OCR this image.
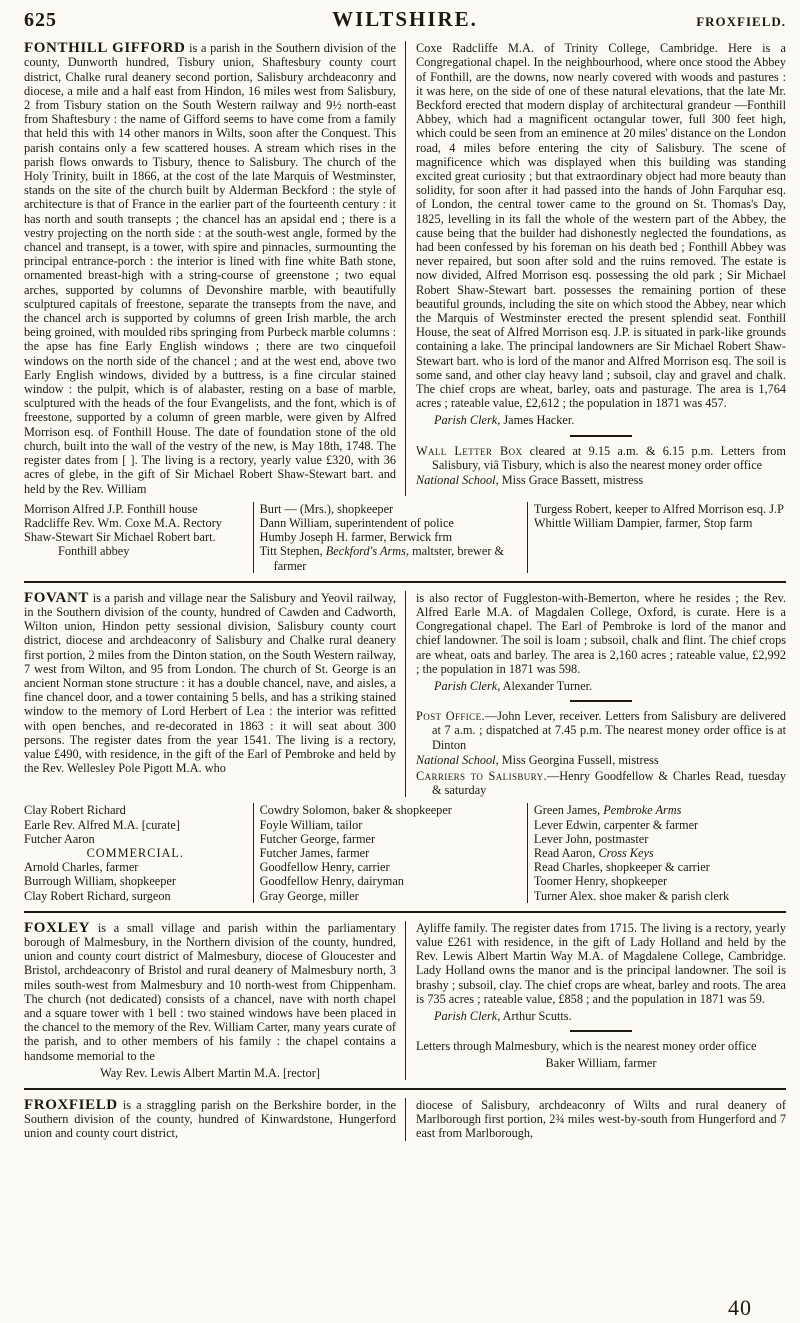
625	WILTSHIRE.	FROXFIELD.

FONTHILL GIFFORD is a parish in the Southern division of the county, Dunworth hundred, Tisbury union, Shaftesbury county court district, Chalke rural deanery second portion, Salisbury archdeaconry and diocese, a mile and a half east from Hindon, 16 miles west from Salisbury, 2 from Tisbury station on the South Western railway and 9½ north-east from Shaftesbury : the name of Gifford seems to have come from a family that held this with 14 other manors in Wilts, soon after the Conquest. This parish contains only a few scattered houses. A stream which rises in the parish flows onwards to Tisbury, thence to Salisbury. The church of the Holy Trinity, built in 1866, at the cost of the late Marquis of Westminster, stands on the site of the church built by Alderman Beckford : the style of architecture is that of France in the earlier part of the fourteenth century : it has north and south transepts ; the chancel has an apsidal end ; there is a vestry projecting on the north side : at the south-west angle, formed by the chancel and transept, is a tower, with spire and pinnacles, surmounting the principal entrance-porch : the interior is lined with fine white Bath stone, ornamented breast-high with a string-course of greenstone ; two equal arches, supported by columns of Devonshire marble, with beautifully sculptured capitals of freestone, separate the transepts from the nave, and the chancel arch is supported by columns of green Irish marble, the arch being groined, with moulded ribs springing from Purbeck marble columns : the apse has fine Early English windows ; there are two cinquefoil windows on the north side of the chancel ; and at the west end, above two Early English windows, divided by a buttress, is a fine circular stained window : the pulpit, which is of alabaster, resting on a base of marble, sculptured with the heads of the four Evangelists, and the font, which is of freestone, supported by a column of green marble, were given by Alfred Morrison esq. of Fonthill House. The date of foundation stone of the old church, built into the wall of the vestry of the new, is May 18th, 1748. The register dates from [ ]. The living is a rectory, yearly value £320, with 36 acres of glebe, in the gift of Sir Michael Robert Shaw-Stewart bart. and held by the Rev. William

Coxe Radcliffe M.A. of Trinity College, Cambridge. Here is a Congregational chapel. In the neighbourhood, where once stood the Abbey of Fonthill, are the downs, now nearly covered with woods and pastures : it was here, on the side of one of these natural elevations, that the late Mr. Beckford erected that modern display of architectural grandeur —Fonthill Abbey, which had a magnificent octangular tower, full 300 feet high, which could be seen from an eminence at 20 miles' distance on the London road, 4 miles before entering the city of Salisbury. The scene of magnificence which was displayed when this building was standing excited great curiosity ; but that extraordinary object had more beauty than solidity, for soon after it had passed into the hands of John Farquhar esq. of London, the central tower came to the ground on St. Thomas's Day, 1825, levelling in its fall the whole of the western part of the Abbey, the cause being that the builder had dishonestly neglected the foundations, as had been confessed by his foreman on his death bed ; Fonthill Abbey was never repaired, but soon after sold and the ruins removed. The estate is now divided, Alfred Morrison esq. possessing the old park ; Sir Michael Robert Shaw-Stewart bart. possesses the remaining portion of these beautiful grounds, including the site on which stood the Abbey, near which the Marquis of Westminster erected the present splendid seat. Fonthill House, the seat of Alfred Morrison esq. J.P. is situated in park-like grounds containing a lake. The principal landowners are Sir Michael Robert Shaw-Stewart bart. who is lord of the manor and Alfred Morrison esq. The soil is some sand, and other clay heavy land ; subsoil, clay and gravel and chalk. The chief crops are wheat, barley, oats and pasturage. The area is 1,764 acres ; rateable value, £2,612 ; the population in 1871 was 457.

Parish Clerk, James Hacker.

Wall Letter Box cleared at 9.15 a.m. & 6.15 p.m. Letters from Salisbury, viâ Tisbury, which is also the nearest money order office

National School, Miss Grace Bassett, mistress

Morrison Alfred J.P. Fonthill house
Radcliffe Rev. Wm. Coxe M.A. Rectory
Shaw-Stewart Sir Michael Robert bart.
Fonthill abbey
Burt — (Mrs.), shopkeeper
Dann William, superintendent of police
Humby Joseph H. farmer, Berwick frm
Titt Stephen, Beckford's Arms, maltster, brewer & farmer
Turgess Robert, keeper to Alfred Morrison esq. J.P
Whittle William Dampier, farmer, Stop farm

FOVANT is a parish and village near the Salisbury and Yeovil railway, in the Southern division of the county, hundred of Cawden and Cadworth, Wilton union, Hindon petty sessional division, Salisbury county court district, diocese and archdeaconry of Salisbury and Chalke rural deanery first portion, 2 miles from the Dinton station, on the South Western railway, 7 west from Wilton, and 95 from London. The church of St. George is an ancient Norman stone structure : it has a double chancel, nave, and aisles, a fine chancel door, and a tower containing 5 bells, and has a striking stained window to the memory of Lord Herbert of Lea : the interior was refitted with open benches, and re-decorated in 1863 : it will seat about 300 persons. The register dates from the year 1541. The living is a rectory, value £490, with residence, in the gift of the Earl of Pembroke and held by the Rev. Wellesley Pole Pigott M.A. who

is also rector of Fuggleston-with-Bemerton, where he resides ; the Rev. Alfred Earle M.A. of Magdalen College, Oxford, is curate. Here is a Congregational chapel. The Earl of Pembroke is lord of the manor and chief landowner. The soil is loam ; subsoil, chalk and flint. The chief crops are wheat, oats and barley. The area is 2,160 acres ; rateable value, £2,992 ; the population in 1871 was 598.

Parish Clerk, Alexander Turner.

Post Office.—John Lever, receiver. Letters from Salisbury are delivered at 7 a.m. ; dispatched at 7.45 p.m. The nearest money order office is at Dinton

National School, Miss Georgina Fussell, mistress

Carriers to Salisbury.—Henry Goodfellow & Charles Read, tuesday & saturday

Clay Robert Richard
Earle Rev. Alfred M.A. [curate]
Futcher Aaron
COMMERCIAL.
Arnold Charles, farmer
Burrough William, shopkeeper
Clay Robert Richard, surgeon
Cowdry Solomon, baker & shopkeeper
Foyle William, tailor
Futcher George, farmer
Futcher James, farmer
Goodfellow Henry, carrier
Goodfellow Henry, dairyman
Gray George, miller
Green James, Pembroke Arms
Lever Edwin, carpenter & farmer
Lever John, postmaster
Read Aaron, Cross Keys
Read Charles, shopkeeper & carrier
Toomer Henry, shopkeeper
Turner Alex. shoe maker & parish clerk

FOXLEY is a small village and parish within the parliamentary borough of Malmesbury, in the Northern division of the county, hundred, union and county court district of Malmesbury, diocese of Gloucester and Bristol, archdeaconry of Bristol and rural deanery of Malmesbury north, 3 miles south-west from Malmesbury and 10 north-west from Chippenham. The church (not dedicated) consists of a chancel, nave with north chapel and a square tower with 1 bell : two stained windows have been placed in the chancel to the memory of the Rev. William Carter, many years curate of the parish, and to other members of his family : the chapel contains a handsome memorial to the

Way Rev. Lewis Albert Martin M.A. [rector]

Ayliffe family. The register dates from 1715. The living is a rectory, yearly value £261 with residence, in the gift of Lady Holland and held by the Rev. Lewis Albert Martin Way M.A. of Magdalene College, Cambridge. Lady Holland owns the manor and is the principal landowner. The soil is brashy ; subsoil, clay. The chief crops are wheat, barley and roots. The area is 735 acres ; rateable value, £858 ; and the population in 1871 was 59.

Parish Clerk, Arthur Scutts.

Letters through Malmesbury, which is the nearest money order office

Baker William, farmer

FROXFIELD is a straggling parish on the Berkshire border, in the Southern division of the county, hundred of Kinwardstone, Hungerford union and county court district,

diocese of Salisbury, archdeaconry of Wilts and rural deanery of Marlborough first portion, 2¾ miles west-by-south from Hungerford and 7 east from Marlborough,

40
